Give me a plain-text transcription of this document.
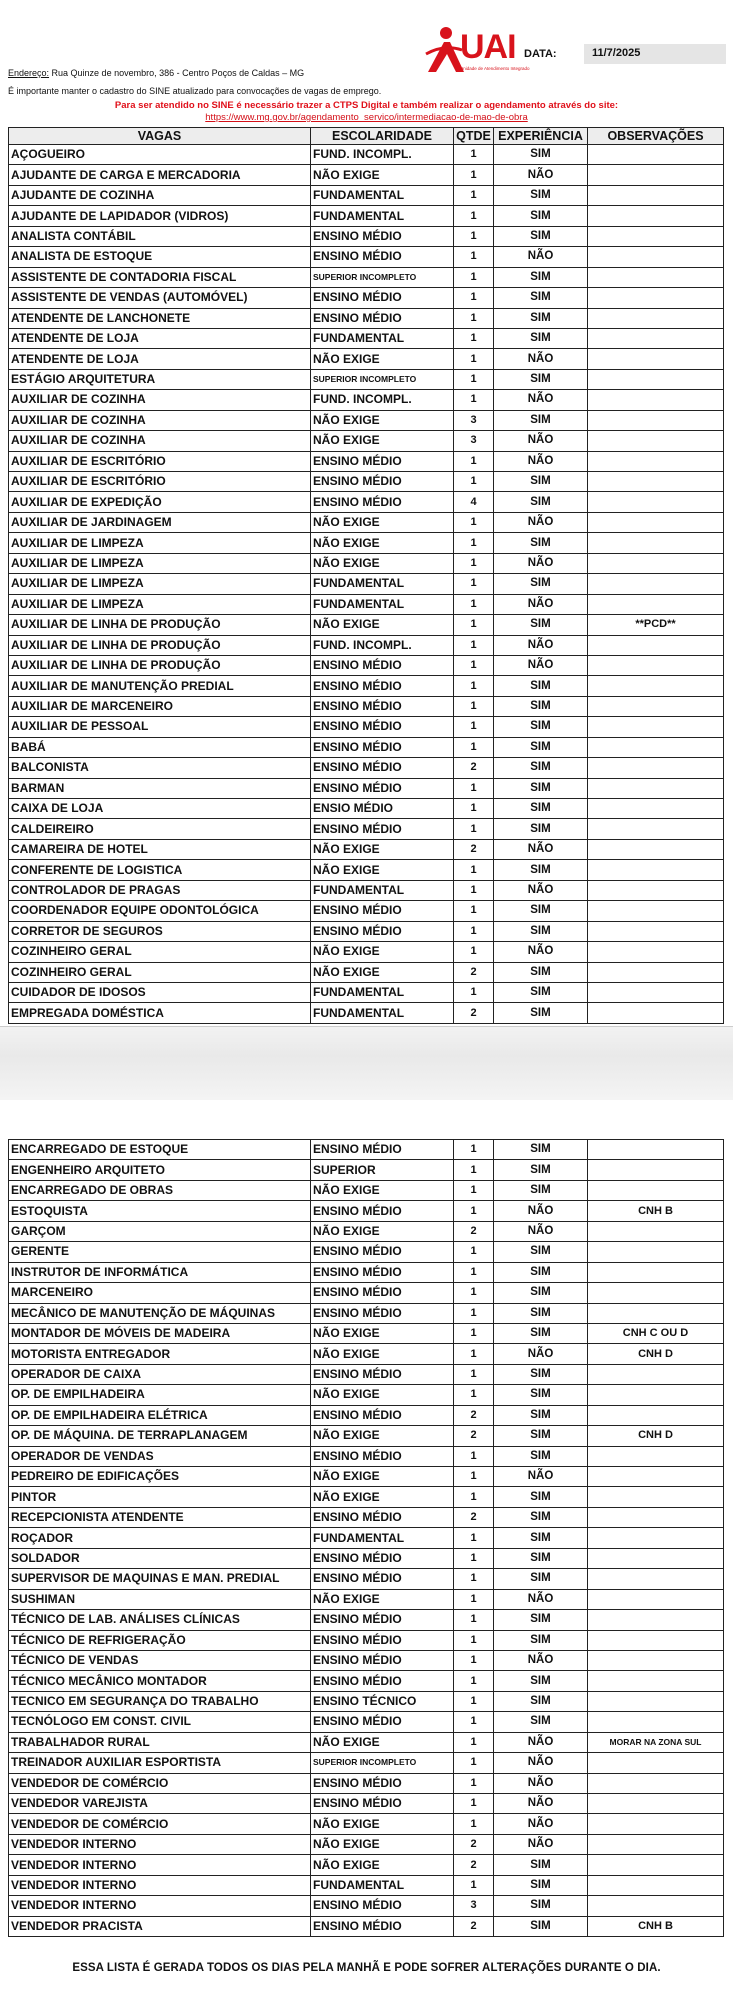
UAI
Unidade de Atendimento Integrado
DATA:	11/7/2025
Endereço: Rua Quinze de novembro, 386 - Centro Poços de Caldas – MG
É importante manter o cadastro do SINE atualizado para convocações de vagas de emprego.
Para ser atendido no SINE é necessário trazer a CTPS Digital e também realizar o agendamento através do site:
https://www.mg.gov.br/agendamento_servico/intermediacao-de-mao-de-obra
VAGAS	ESCOLARIDADE	QTDE	EXPERIÊNCIA	OBSERVAÇÕES
AÇOGUEIRO	FUND. INCOMPL.	1	SIM	
AJUDANTE DE CARGA E MERCADORIA	NÃO EXIGE	1	NÃO	
AJUDANTE DE COZINHA	FUNDAMENTAL	1	SIM	
AJUDANTE DE LAPIDADOR (VIDROS)	FUNDAMENTAL	1	SIM	
ANALISTA CONTÁBIL	ENSINO MÉDIO	1	SIM	
ANALISTA DE ESTOQUE	ENSINO MÉDIO	1	NÃO	
ASSISTENTE DE CONTADORIA FISCAL	SUPERIOR INCOMPLETO	1	SIM	
ASSISTENTE DE VENDAS (AUTOMÓVEL)	ENSINO MÉDIO	1	SIM	
ATENDENTE DE LANCHONETE	ENSINO MÉDIO	1	SIM	
ATENDENTE DE LOJA	FUNDAMENTAL	1	SIM	
ATENDENTE DE LOJA	NÃO EXIGE	1	NÃO	
ESTÁGIO ARQUITETURA	SUPERIOR INCOMPLETO	1	SIM	
AUXILIAR DE COZINHA	FUND. INCOMPL.	1	NÃO	
AUXILIAR DE COZINHA	NÃO EXIGE	3	SIM	
AUXILIAR DE COZINHA	NÃO EXIGE	3	NÃO	
AUXILIAR DE ESCRITÓRIO	ENSINO MÉDIO	1	NÃO	
AUXILIAR DE ESCRITÓRIO	ENSINO MÉDIO	1	SIM	
AUXILIAR DE EXPEDIÇÃO	ENSINO MÉDIO	4	SIM	
AUXILIAR DE JARDINAGEM	NÃO EXIGE	1	NÃO	
AUXILIAR DE LIMPEZA	NÃO EXIGE	1	SIM	
AUXILIAR DE LIMPEZA	NÃO EXIGE	1	NÃO	
AUXILIAR DE LIMPEZA	FUNDAMENTAL	1	SIM	
AUXILIAR DE LIMPEZA	FUNDAMENTAL	1	NÃO	
AUXILIAR DE LINHA DE PRODUÇÃO	NÃO EXIGE	1	SIM	**PCD**
AUXILIAR DE LINHA DE PRODUÇÃO	FUND. INCOMPL.	1	NÃO	
AUXILIAR DE LINHA DE PRODUÇÃO	ENSINO MÉDIO	1	NÃO	
AUXILIAR DE MANUTENÇÃO PREDIAL	ENSINO MÉDIO	1	SIM	
AUXILIAR DE MARCENEIRO	ENSINO MÉDIO	1	SIM	
AUXILIAR DE PESSOAL	ENSINO MÉDIO	1	SIM	
BABÁ	ENSINO MÉDIO	1	SIM	
BALCONISTA	ENSINO MÉDIO	2	SIM	
BARMAN	ENSINO MÉDIO	1	SIM	
CAIXA DE LOJA	ENSIO MÉDIO	1	SIM	
CALDEIREIRO	ENSINO MÉDIO	1	SIM	
CAMAREIRA DE HOTEL	NÃO EXIGE	2	NÃO	
CONFERENTE DE LOGISTICA	NÃO EXIGE	1	SIM	
CONTROLADOR DE PRAGAS	FUNDAMENTAL	1	NÃO	
COORDENADOR EQUIPE ODONTOLÓGICA	ENSINO MÉDIO	1	SIM	
CORRETOR DE SEGUROS	ENSINO MÉDIO	1	SIM	
COZINHEIRO GERAL	NÃO EXIGE	1	NÃO	
COZINHEIRO GERAL	NÃO EXIGE	2	SIM	
CUIDADOR DE IDOSOS	FUNDAMENTAL	1	SIM	
EMPREGADA DOMÉSTICA	FUNDAMENTAL	2	SIM	
ENCARREGADO DE ESTOQUE	ENSINO MÉDIO	1	SIM	
ENGENHEIRO ARQUITETO	SUPERIOR	1	SIM	
ENCARREGADO DE OBRAS	NÃO EXIGE	1	SIM	
ESTOQUISTA	ENSINO MÉDIO	1	NÃO	CNH B
GARÇOM	NÃO EXIGE	2	NÃO	
GERENTE	ENSINO MÉDIO	1	SIM	
INSTRUTOR DE INFORMÁTICA	ENSINO MÉDIO	1	SIM	
MARCENEIRO	ENSINO MÉDIO	1	SIM	
MECÂNICO DE MANUTENÇÃO DE MÁQUINAS	ENSINO MÉDIO	1	SIM	
MONTADOR DE MÓVEIS DE MADEIRA	NÃO EXIGE	1	SIM	CNH C OU D
MOTORISTA ENTREGADOR	NÃO EXIGE	1	NÃO	CNH D
OPERADOR DE CAIXA	ENSINO MÉDIO	1	SIM	
OP. DE EMPILHADEIRA	NÃO EXIGE	1	SIM	
OP. DE EMPILHADEIRA ELÉTRICA	ENSINO MÉDIO	2	SIM	
OP. DE MÁQUINA. DE TERRAPLANAGEM	NÃO EXIGE	2	SIM	CNH D
OPERADOR DE VENDAS	ENSINO MÉDIO	1	SIM	
PEDREIRO DE EDIFICAÇÕES	NÃO EXIGE	1	NÃO	
PINTOR	NÃO EXIGE	1	SIM	
RECEPCIONISTA ATENDENTE	ENSINO MÉDIO	2	SIM	
ROÇADOR	FUNDAMENTAL	1	SIM	
SOLDADOR	ENSINO MÉDIO	1	SIM	
SUPERVISOR DE MAQUINAS E MAN. PREDIAL	ENSINO MÉDIO	1	SIM	
SUSHIMAN	NÃO EXIGE	1	NÃO	
TÉCNICO DE LAB. ANÁLISES CLÍNICAS	ENSINO MÉDIO	1	SIM	
TÉCNICO DE REFRIGERAÇÃO	ENSINO MÉDIO	1	SIM	
TÉCNICO DE VENDAS	ENSINO MÉDIO	1	NÃO	
TÉCNICO MECÂNICO MONTADOR	ENSINO MÉDIO	1	SIM	
TECNICO EM SEGURANÇA DO TRABALHO	ENSINO TÉCNICO	1	SIM	
TECNÓLOGO EM CONST. CIVIL	ENSINO MÉDIO	1	SIM	
TRABALHADOR RURAL	NÃO EXIGE	1	NÃO	MORAR NA ZONA SUL
TREINADOR AUXILIAR ESPORTISTA	SUPERIOR INCOMPLETO	1	NÃO	
VENDEDOR DE COMÉRCIO	ENSINO MÉDIO	1	NÃO	
VENDEDOR VAREJISTA	ENSINO MÉDIO	1	NÃO	
VENDEDOR DE COMÉRCIO	NÃO EXIGE	1	NÃO	
VENDEDOR INTERNO	NÃO EXIGE	2	NÃO	
VENDEDOR INTERNO	NÃO EXIGE	2	SIM	
VENDEDOR INTERNO	FUNDAMENTAL	1	SIM	
VENDEDOR INTERNO	ENSINO MÉDIO	3	SIM	
VENDEDOR PRACISTA	ENSINO MÉDIO	2	SIM	CNH B
ESSA LISTA É GERADA TODOS OS DIAS PELA MANHÃ E PODE SOFRER ALTERAÇÕES DURANTE O DIA.
